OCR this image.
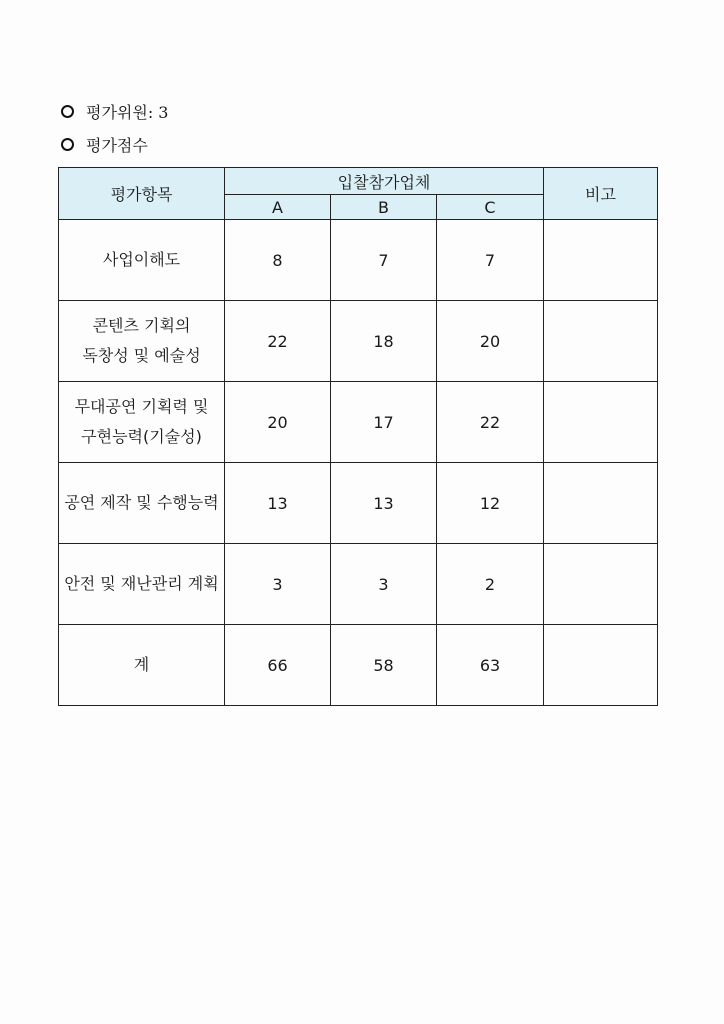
평가위원: 3
평가점수
평가항목	입찰참가업체			비고
	A	B	C	

사업이해도	8	7	7	

콘텐츠 기획의
독창성 및 예술성	22	18	20	

무대공연 기획력 및
구현능력(기술성)	20	17	22	

공연 제작 및 수행능력	13	13	12	

안전 및 재난관리 계획	3	3	2	

계	66	58	63	
